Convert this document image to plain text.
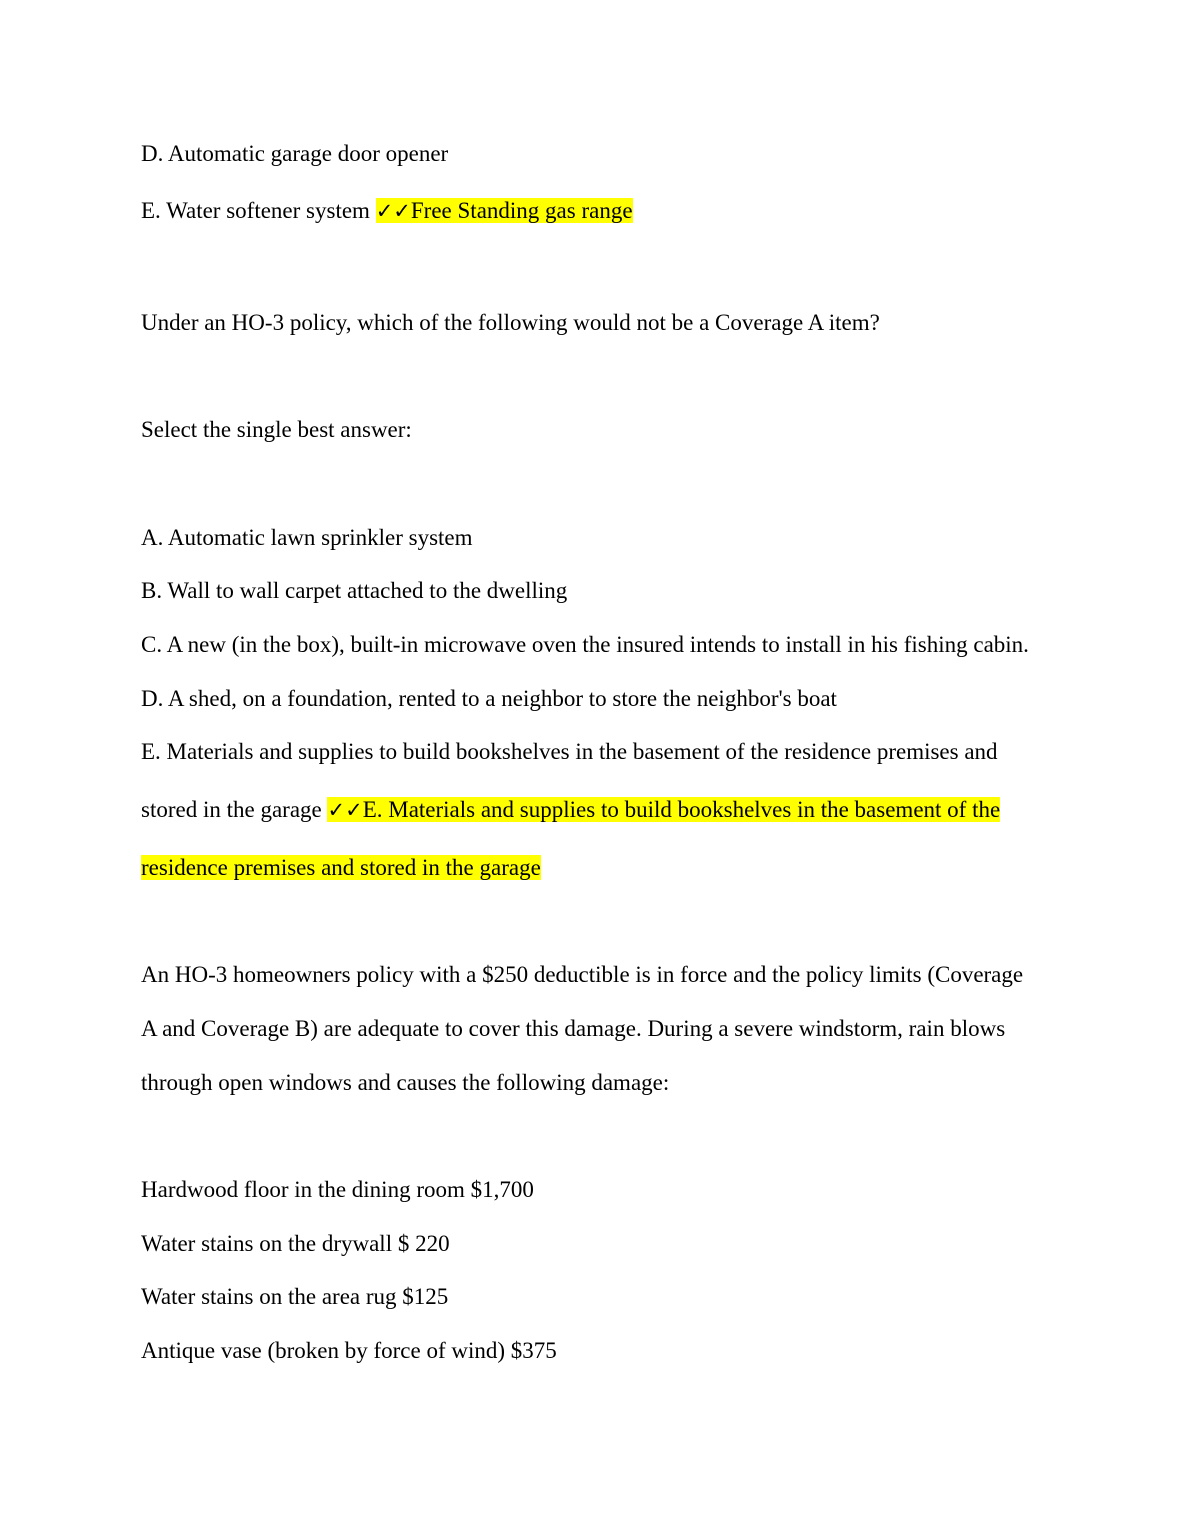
D. Automatic garage door opener
E. Water softener system ✓✓Free Standing gas range
Under an HO-3 policy, which of the following would not be a Coverage A item?
Select the single best answer:
A. Automatic lawn sprinkler system
B. Wall to wall carpet attached to the dwelling
C. A new (in the box), built-in microwave oven the insured intends to install in his fishing cabin.
D. A shed, on a foundation, rented to a neighbor to store the neighbor's boat
E. Materials and supplies to build bookshelves in the basement of the residence premises and
stored in the garage ✓✓E. Materials and supplies to build bookshelves in the basement of the
residence premises and stored in the garage
An HO-3 homeowners policy with a $250 deductible is in force and the policy limits (Coverage
A and Coverage B) are adequate to cover this damage. During a severe windstorm, rain blows
through open windows and causes the following damage:
Hardwood floor in the dining room $1,700
Water stains on the drywall $ 220
Water stains on the area rug $125
Antique vase (broken by force of wind) $375
